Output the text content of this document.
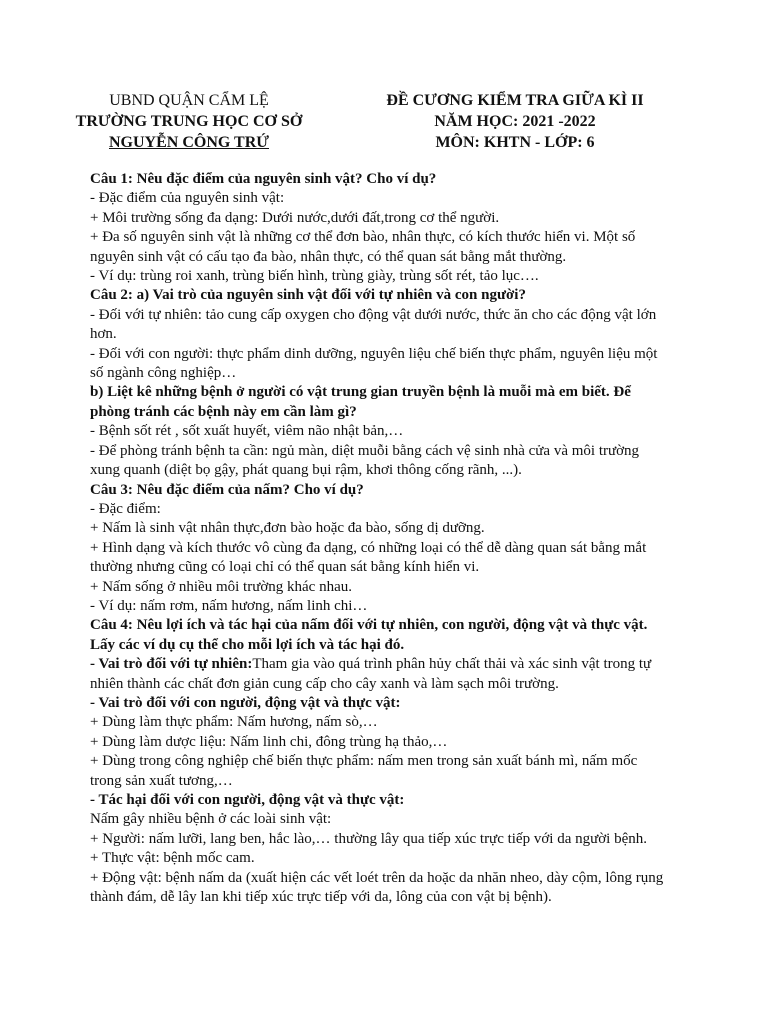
UBND QUẬN CẨM LỆ
TRƯỜNG TRUNG HỌC CƠ SỞ
NGUYỄN CÔNG TRỨ
ĐỀ CƯƠNG KIỂM TRA GIỮA KÌ II
NĂM HỌC: 2021 -2022
MÔN: KHTN - LỚP: 6
Câu 1: Nêu đặc điểm của nguyên sinh vật? Cho ví dụ?
- Đặc điểm của nguyên sinh vật:
+ Môi trường sống đa dạng: Dưới nước,dưới đất,trong cơ thể người.
+ Đa số nguyên sinh vật là những cơ thể đơn bào, nhân thực, có kích thước hiển vi. Một số nguyên sinh vật có cấu tạo đa bào, nhân thực, có thể quan sát bằng mắt thường.
- Ví dụ: trùng roi xanh, trùng biến hình, trùng giày, trùng sốt rét, tảo lục….
Câu 2: a) Vai trò của nguyên sinh vật đối với tự nhiên và con người?
- Đối với tự nhiên: tảo cung cấp oxygen cho động vật dưới nước, thức ăn cho các động vật lớn hơn.
- Đối với con người: thực phẩm dinh dưỡng, nguyên liệu chế biến thực phẩm, nguyên liệu một số ngành công nghiệp…
b) Liệt kê những bệnh ở người có vật trung gian truyền bệnh là muỗi mà em biết. Để phòng tránh các bệnh này em cần làm gì?
- Bệnh sốt rét , sốt xuất huyết, viêm não nhật bản,…
- Để phòng tránh bệnh ta cần: ngủ màn, diệt muỗi bằng cách vệ sinh nhà cửa và môi trường xung quanh (diệt bọ gậy, phát quang bụi rậm, khơi thông cống rãnh, ...).
Câu 3: Nêu đặc điểm của nấm? Cho ví dụ?
- Đặc điểm:
+ Nấm là sinh vật nhân thực,đơn bào hoặc đa bào, sống dị dưỡng.
+ Hình dạng và kích thước vô cùng đa dạng, có những loại có thể dễ dàng quan sát bằng mắt thường nhưng cũng có loại chỉ có thể quan sát bằng kính hiển vi.
+ Nấm sống ở nhiều môi trường khác nhau.
- Ví dụ: nấm rơm, nấm hương, nấm linh chi…
Câu 4: Nêu lợi ích và tác hại của nấm đối với tự nhiên, con người, động vật và thực vật. Lấy các ví dụ cụ thể cho mỗi lợi ích và tác hại đó.
- Vai trò đối với tự nhiên:Tham gia vào quá trình phân hủy chất thải và xác sinh vật trong tự nhiên thành các chất đơn giản cung cấp cho cây xanh và làm sạch môi trường.
- Vai trò đối với con người, động vật và thực vật:
+ Dùng làm thực phẩm: Nấm hương, nấm sò,…
+ Dùng làm dược liệu: Nấm linh chi, đông trùng hạ thảo,…
+ Dùng trong công nghiệp chế biến thực phẩm: nấm men trong sản xuất bánh mì, nấm mốc trong sản xuất tương,…
- Tác hại đối với con người, động vật và thực vật:
Nấm gây nhiều bệnh ở các loài sinh vật:
+ Người: nấm lưỡi, lang ben, hắc lào,… thường lây qua tiếp xúc trực tiếp với da người bệnh.
+ Thực vật: bệnh mốc cam.
+ Động vật: bệnh nấm da (xuất hiện các vết loét trên da hoặc da nhăn nheo, dày cộm, lông rụng thành đám, dễ lây lan khi tiếp xúc trực tiếp với da, lông của con vật bị bệnh).
